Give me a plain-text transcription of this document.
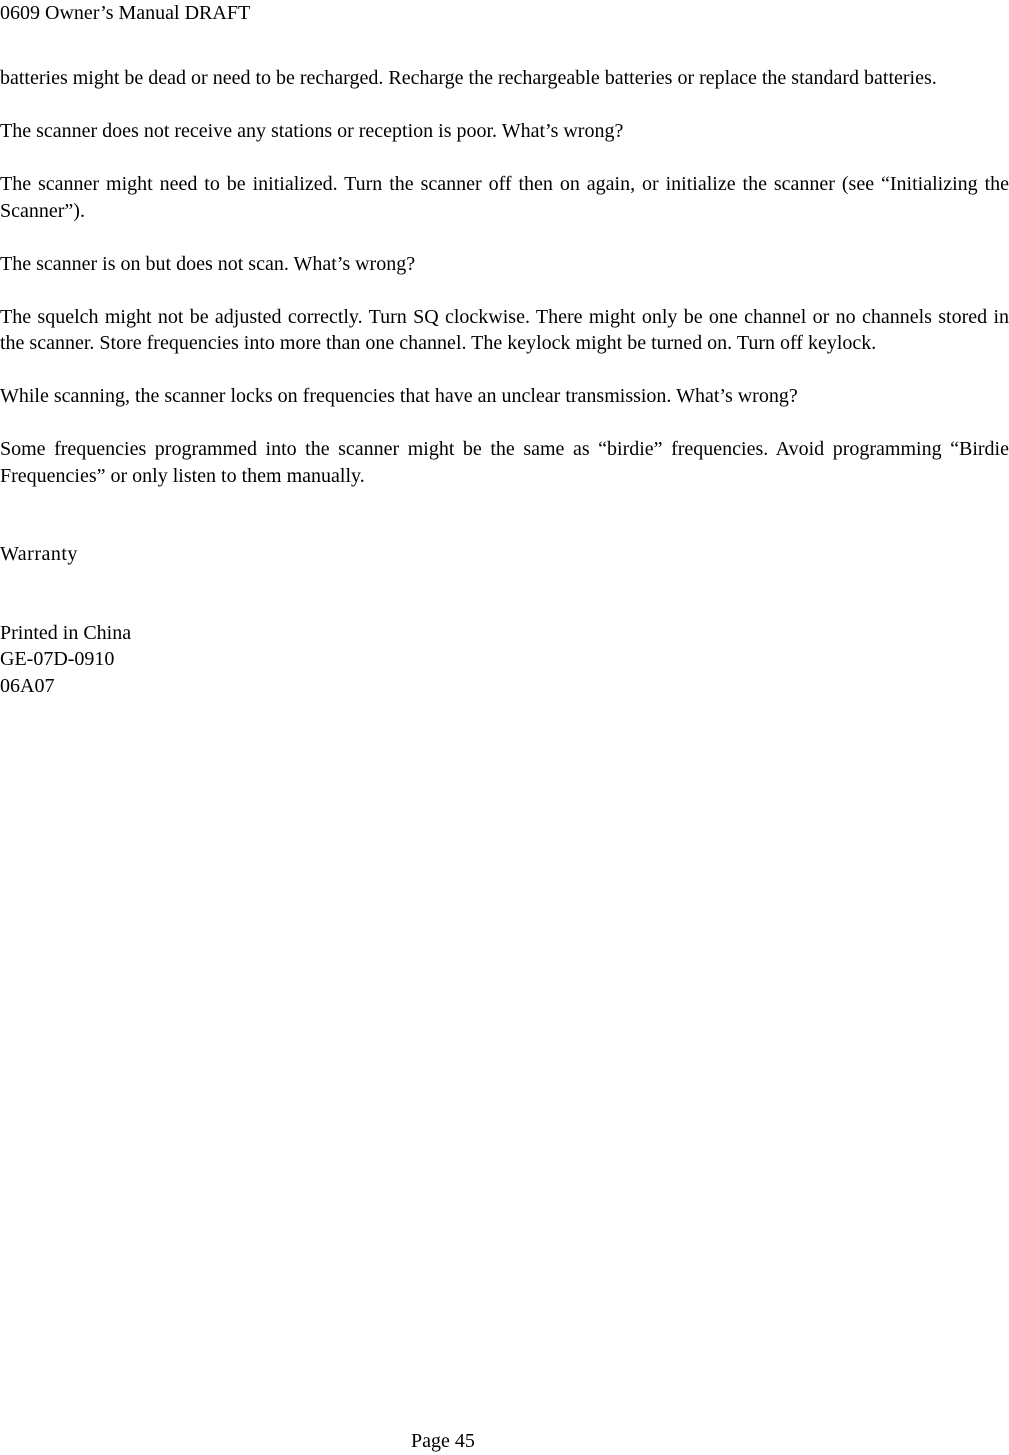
0609 Owner’s Manual DRAFT

batteries might be dead or need to be recharged. Recharge the rechargeable batteries or replace the standard batteries.

The scanner does not receive any stations or reception is poor. What’s wrong?

The scanner might need to be initialized. Turn the scanner off then on again, or initialize the scanner (see “Initializing the Scanner”).

The scanner is on but does not scan. What’s wrong?

The squelch might not be adjusted correctly. Turn SQ clockwise. There might only be one channel or no channels stored in the scanner. Store frequencies into more than one channel. The keylock might be turned on. Turn off keylock.

While scanning, the scanner locks on frequencies that have an unclear transmission. What’s wrong?

Some frequencies programmed into the scanner might be the same as “birdie” frequencies. Avoid programming “Birdie Frequencies” or only listen to them manually.

Warranty
Printed in China
GE-07D-0910
06A07
Page 45
